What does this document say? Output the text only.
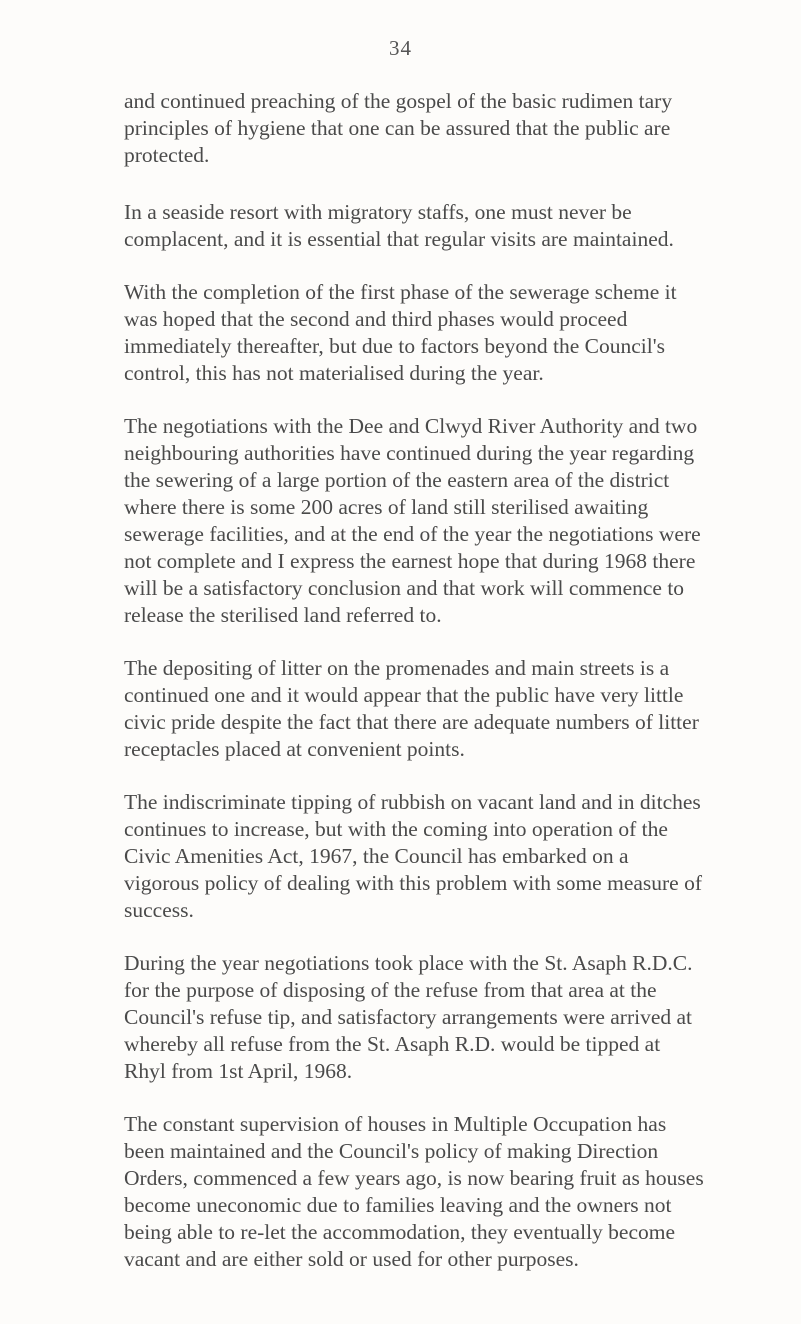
34

and continued preaching of the gospel of the basic rudimen tary principles of hygiene that one can be assured that the public are protected.

In a seaside resort with migratory staffs, one must never be complacent, and it is essential that regular visits are maintained.

With the completion of the first phase of the sewerage scheme it was hoped that the second and third phases would proceed immediately thereafter, but due to factors beyond the Council's control, this has not materialised during the year.

The negotiations with the Dee and Clwyd River Authority and two neighbouring authorities have continued during the year regarding the sewering of a large portion of the eastern area of the district where there is some 200 acres of land still sterilised awaiting sewerage facilities, and at the end of the year the negotiations were not complete and I express the earnest hope that during 1968 there will be a satisfactory conclusion and that work will commence to release the sterilised land referred to.

The depositing of litter on the promenades and main streets is a continued one and it would appear that the public have very little civic pride despite the fact that there are adequate numbers of litter receptacles placed at convenient points.

The indiscriminate tipping of rubbish on vacant land and in ditches continues to increase, but with the coming into operation of the Civic Amenities Act, 1967, the Council has embarked on a vigorous policy of dealing with this problem with some measure of success.

During the year negotiations took place with the St. Asaph R.D.C. for the purpose of disposing of the refuse from that area at the Council's refuse tip, and satisfactory arrangements were arrived at whereby all refuse from the St. Asaph R.D. would be tipped at Rhyl from 1st April, 1968.

The constant supervision of houses in Multiple Occupation has been maintained and the Council's policy of making Direction Orders, commenced a few years ago, is now bearing fruit as houses become uneconomic due to families leaving and the owners not being able to re-let the accommodation, they eventually become vacant and are either sold or used for other purposes.
